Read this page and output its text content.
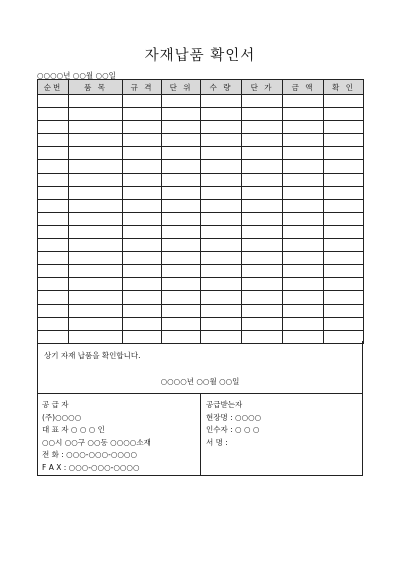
자재납품 확인서
○○○○년 ○○월 ○○일
순번	품 목	규 격	단 위	수 량	단 가	금 액	확 인

상기 자재 납품을 확인합니다.
○○○○년 ○○월 ○○일
공 급 자
(주)○○○○
대 표 자 ○ ○ ○ 인
○○시 ○○구 ○○동 ○○○○소재
전 화 : ○○○-○○○-○○○○
F A X : ○○○-○○○-○○○○
공급받는자
현장명 : ○○○○
인수자 : ○ ○ ○
서 명 :
